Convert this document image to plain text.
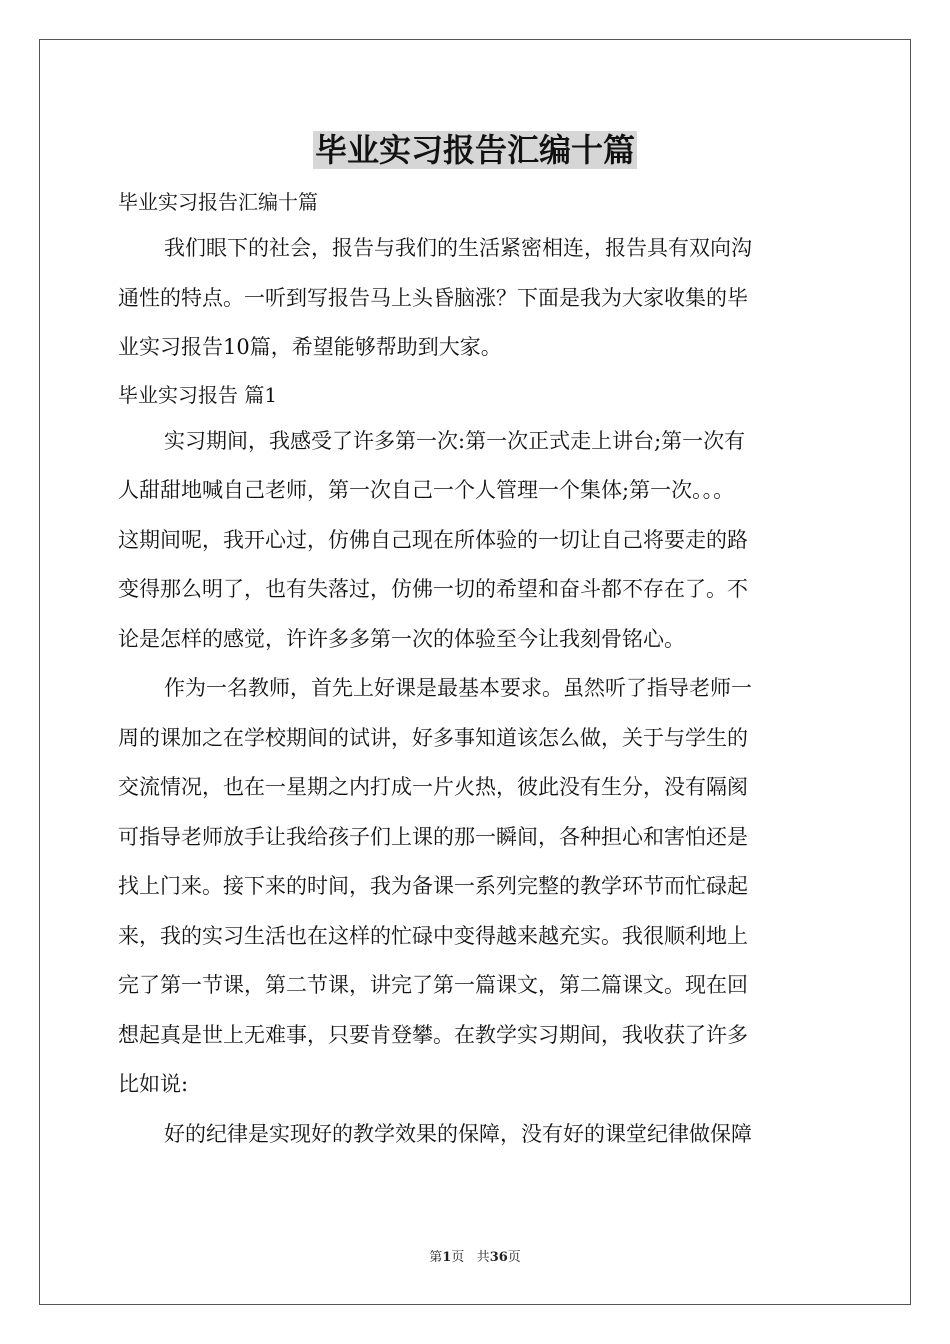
毕业实习报告汇编十篇
毕业实习报告汇编十篇
我们眼下的社会，报告与我们的生活紧密相连，报告具有双向沟
通性的特点。一听到写报告马上头昏脑涨？下面是我为大家收集的毕
业实习报告10篇，希望能够帮助到大家。
毕业实习报告 篇1
实习期间，我感受了许多第一次:第一次正式走上讲台;第一次有
人甜甜地喊自己老师，第一次自己一个人管理一个集体;第一次。。。
这期间呢，我开心过，仿佛自己现在所体验的一切让自己将要走的路
变得那么明了，也有失落过，仿佛一切的希望和奋斗都不存在了。不
论是怎样的感觉，许许多多第一次的体验至今让我刻骨铭心。
作为一名教师，首先上好课是最基本要求。虽然听了指导老师一
周的课加之在学校期间的试讲，好多事知道该怎么做，关于与学生的
交流情况，也在一星期之内打成一片火热，彼此没有生分，没有隔阂
可指导老师放手让我给孩子们上课的那一瞬间，各种担心和害怕还是
找上门来。接下来的时间，我为备课一系列完整的教学环节而忙碌起
来，我的实习生活也在这样的忙碌中变得越来越充实。我很顺利地上
完了第一节课，第二节课，讲完了第一篇课文，第二篇课文。现在回
想起真是世上无难事，只要肯登攀。在教学实习期间，我收获了许多
比如说:
好的纪律是实现好的教学效果的保障，没有好的课堂纪律做保障
第1页 共36页
